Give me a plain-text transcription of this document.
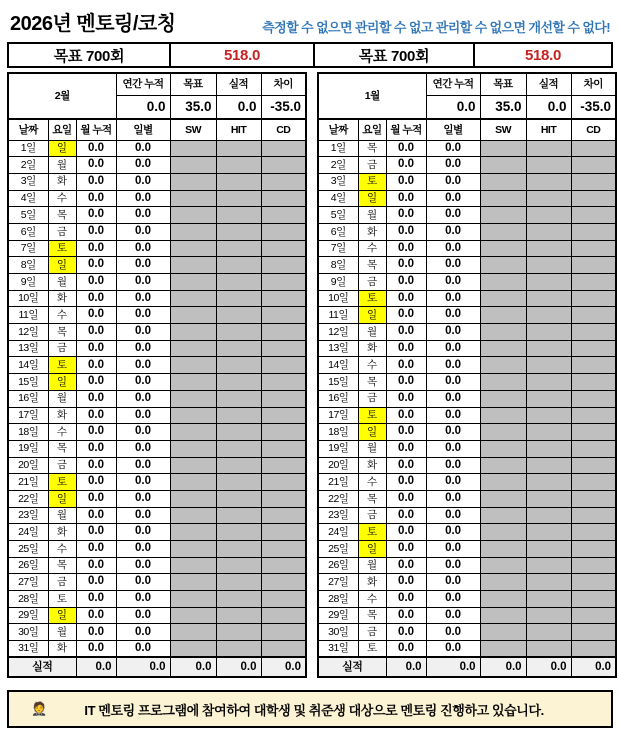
2026년 멘토링/코칭	측정할 수 없으면 관리할 수 없고 관리할 수 없으면 개선할 수 없다!
목표 700회	518.0	목표 700회	518.0
2월			연간 누적	목표	실적	차이
			0.0	35.0	0.0	-35.0
날짜	요일	월 누적	일별	SW	HIT	CD
1일	일	0.0	0.0			
2일	월	0.0	0.0			
3일	화	0.0	0.0			
4일	수	0.0	0.0			
5일	목	0.0	0.0			
6일	금	0.0	0.0			
7일	토	0.0	0.0			
8일	일	0.0	0.0			
9일	월	0.0	0.0			
10일	화	0.0	0.0			
11일	수	0.0	0.0			
12일	목	0.0	0.0			
13일	금	0.0	0.0			
14일	토	0.0	0.0			
15일	일	0.0	0.0			
16일	월	0.0	0.0			
17일	화	0.0	0.0			
18일	수	0.0	0.0			
19일	목	0.0	0.0			
20일	금	0.0	0.0			
21일	토	0.0	0.0			
22일	일	0.0	0.0			
23일	월	0.0	0.0			
24일	화	0.0	0.0			
25일	수	0.0	0.0			
26일	목	0.0	0.0			
27일	금	0.0	0.0			
28일	토	0.0	0.0			
29일	일	0.0	0.0			
30일	월	0.0	0.0			
31일	화	0.0	0.0			
실적		0.0	0.0	0.0	0.0	0.0
1월			연간 누적	목표	실적	차이
			0.0	35.0	0.0	-35.0
날짜	요일	월 누적	일별	SW	HIT	CD
1일	목	0.0	0.0			
2일	금	0.0	0.0			
3일	토	0.0	0.0			
4일	일	0.0	0.0			
5일	월	0.0	0.0			
6일	화	0.0	0.0			
7일	수	0.0	0.0			
8일	목	0.0	0.0			
9일	금	0.0	0.0			
10일	토	0.0	0.0			
11일	일	0.0	0.0			
12일	월	0.0	0.0			
13일	화	0.0	0.0			
14일	수	0.0	0.0			
15일	목	0.0	0.0			
16일	금	0.0	0.0			
17일	토	0.0	0.0			
18일	일	0.0	0.0			
19일	월	0.0	0.0			
20일	화	0.0	0.0			
21일	수	0.0	0.0			
22일	목	0.0	0.0			
23일	금	0.0	0.0			
24일	토	0.0	0.0			
25일	일	0.0	0.0			
26일	월	0.0	0.0			
27일	화	0.0	0.0			
28일	수	0.0	0.0			
29일	목	0.0	0.0			
30일	금	0.0	0.0			
31일	토	0.0	0.0			
실적		0.0	0.0	0.0	0.0	0.0
🤵	IT 멘토링 프로그램에 참여하여 대학생 및 취준생 대상으로 멘토링 진행하고 있습니다.
